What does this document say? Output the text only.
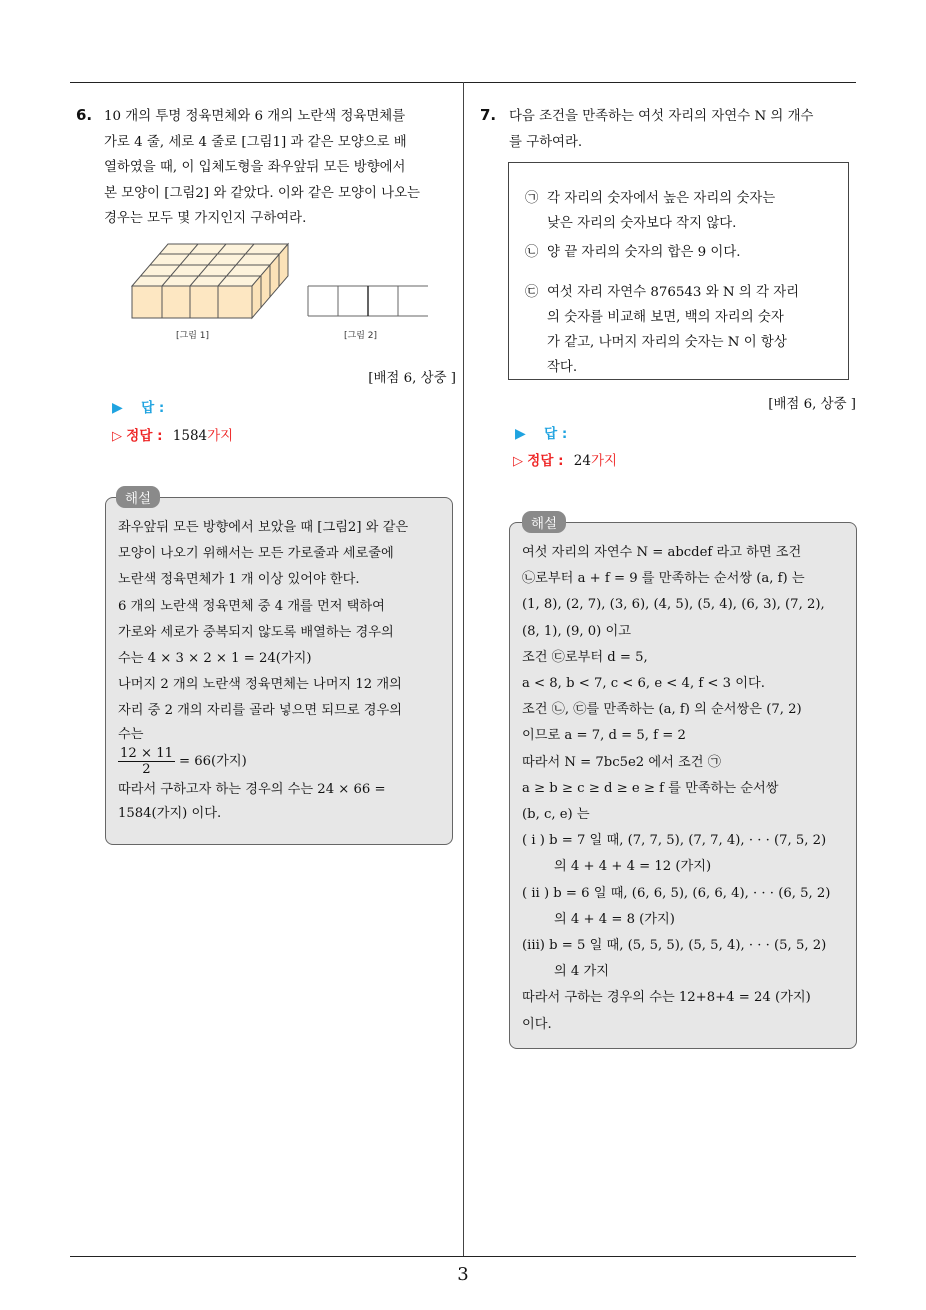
6. 10 개의 투명 정육면체와 6 개의 노란색 정육면체를
가로 4 줄, 세로 4 줄로 [그림1] 과 같은 모양으로 배
열하였을 때, 이 입체도형을 좌우앞뒤 모든 방향에서
본 모양이 [그림2] 와 같았다. 이와 같은 모양이 나오는
경우는 모두 몇 가지인지 구하여라.
[그림 1]	[그림 2]
[배점 6, 상중 ]
▶ 답 :
▷ 정답 : 1584가지
해설
좌우앞뒤 모든 방향에서 보았을 때 [그림2] 와 같은
모양이 나오기 위해서는 모든 가로줄과 세로줄에
노란색 정육면체가 1 개 이상 있어야 한다.
6 개의 노란색 정육면체 중 4 개를 먼저 택하여
가로와 세로가 중복되지 않도록 배열하는 경우의
수는 4 × 3 × 2 × 1 = 24(가지)
나머지 2 개의 노란색 정육면체는 나머지 12 개의
자리 중 2 개의 자리를 골라 넣으면 되므로 경우의
수는
$\frac{12 \times 11}{2} = 66$(가지)
따라서 구하고자 하는 경우의 수는 24 × 66 =
1584(가지) 이다.
7. 다음 조건을 만족하는 여섯 자리의 자연수 N 의 개수
를 구하여라.
㉠ 각 자리의 숫자에서 높은 자리의 숫자는
낮은 자리의 숫자보다 작지 않다.
㉡ 양 끝 자리의 숫자의 합은 9 이다.
㉢ 여섯 자리 자연수 876543 와 N 의 각 자리
의 숫자를 비교해 보면, 백의 자리의 숫자
가 같고, 나머지 자리의 숫자는 N 이 항상
작다.
[배점 6, 상중 ]
▶ 답 :
▷ 정답 : 24가지
해설
여섯 자리의 자연수 N = abcdef 라고 하면 조건
㉡로부터 a + f = 9 를 만족하는 순서쌍 (a, f) 는
(1, 8), (2, 7), (3, 6), (4, 5), (5, 4), (6, 3), (7, 2),
(8, 1), (9, 0) 이고
조건 ㉢로부터 d = 5,
a < 8, b < 7, c < 6, e < 4, f < 3 이다.
조건 ㉡, ㉢를 만족하는 (a, f) 의 순서쌍은 (7, 2)
이므로 a = 7, d = 5, f = 2
따라서 N = 7bc5e2 에서 조건 ㉠
a ≥ b ≥ c ≥ d ≥ e ≥ f 를 만족하는 순서쌍
(b, c, e) 는
( i ) b = 7 일 때, (7, 7, 5), (7, 7, 4), · · · (7, 5, 2)
의 4 + 4 + 4 = 12 (가지)
( ii ) b = 6 일 때, (6, 6, 5), (6, 6, 4), · · · (6, 5, 2)
의 4 + 4 = 8 (가지)
(iii) b = 5 일 때, (5, 5, 5), (5, 5, 4), · · · (5, 5, 2)
의 4 가지
따라서 구하는 경우의 수는 12+8+4 = 24 (가지)
이다.
3
